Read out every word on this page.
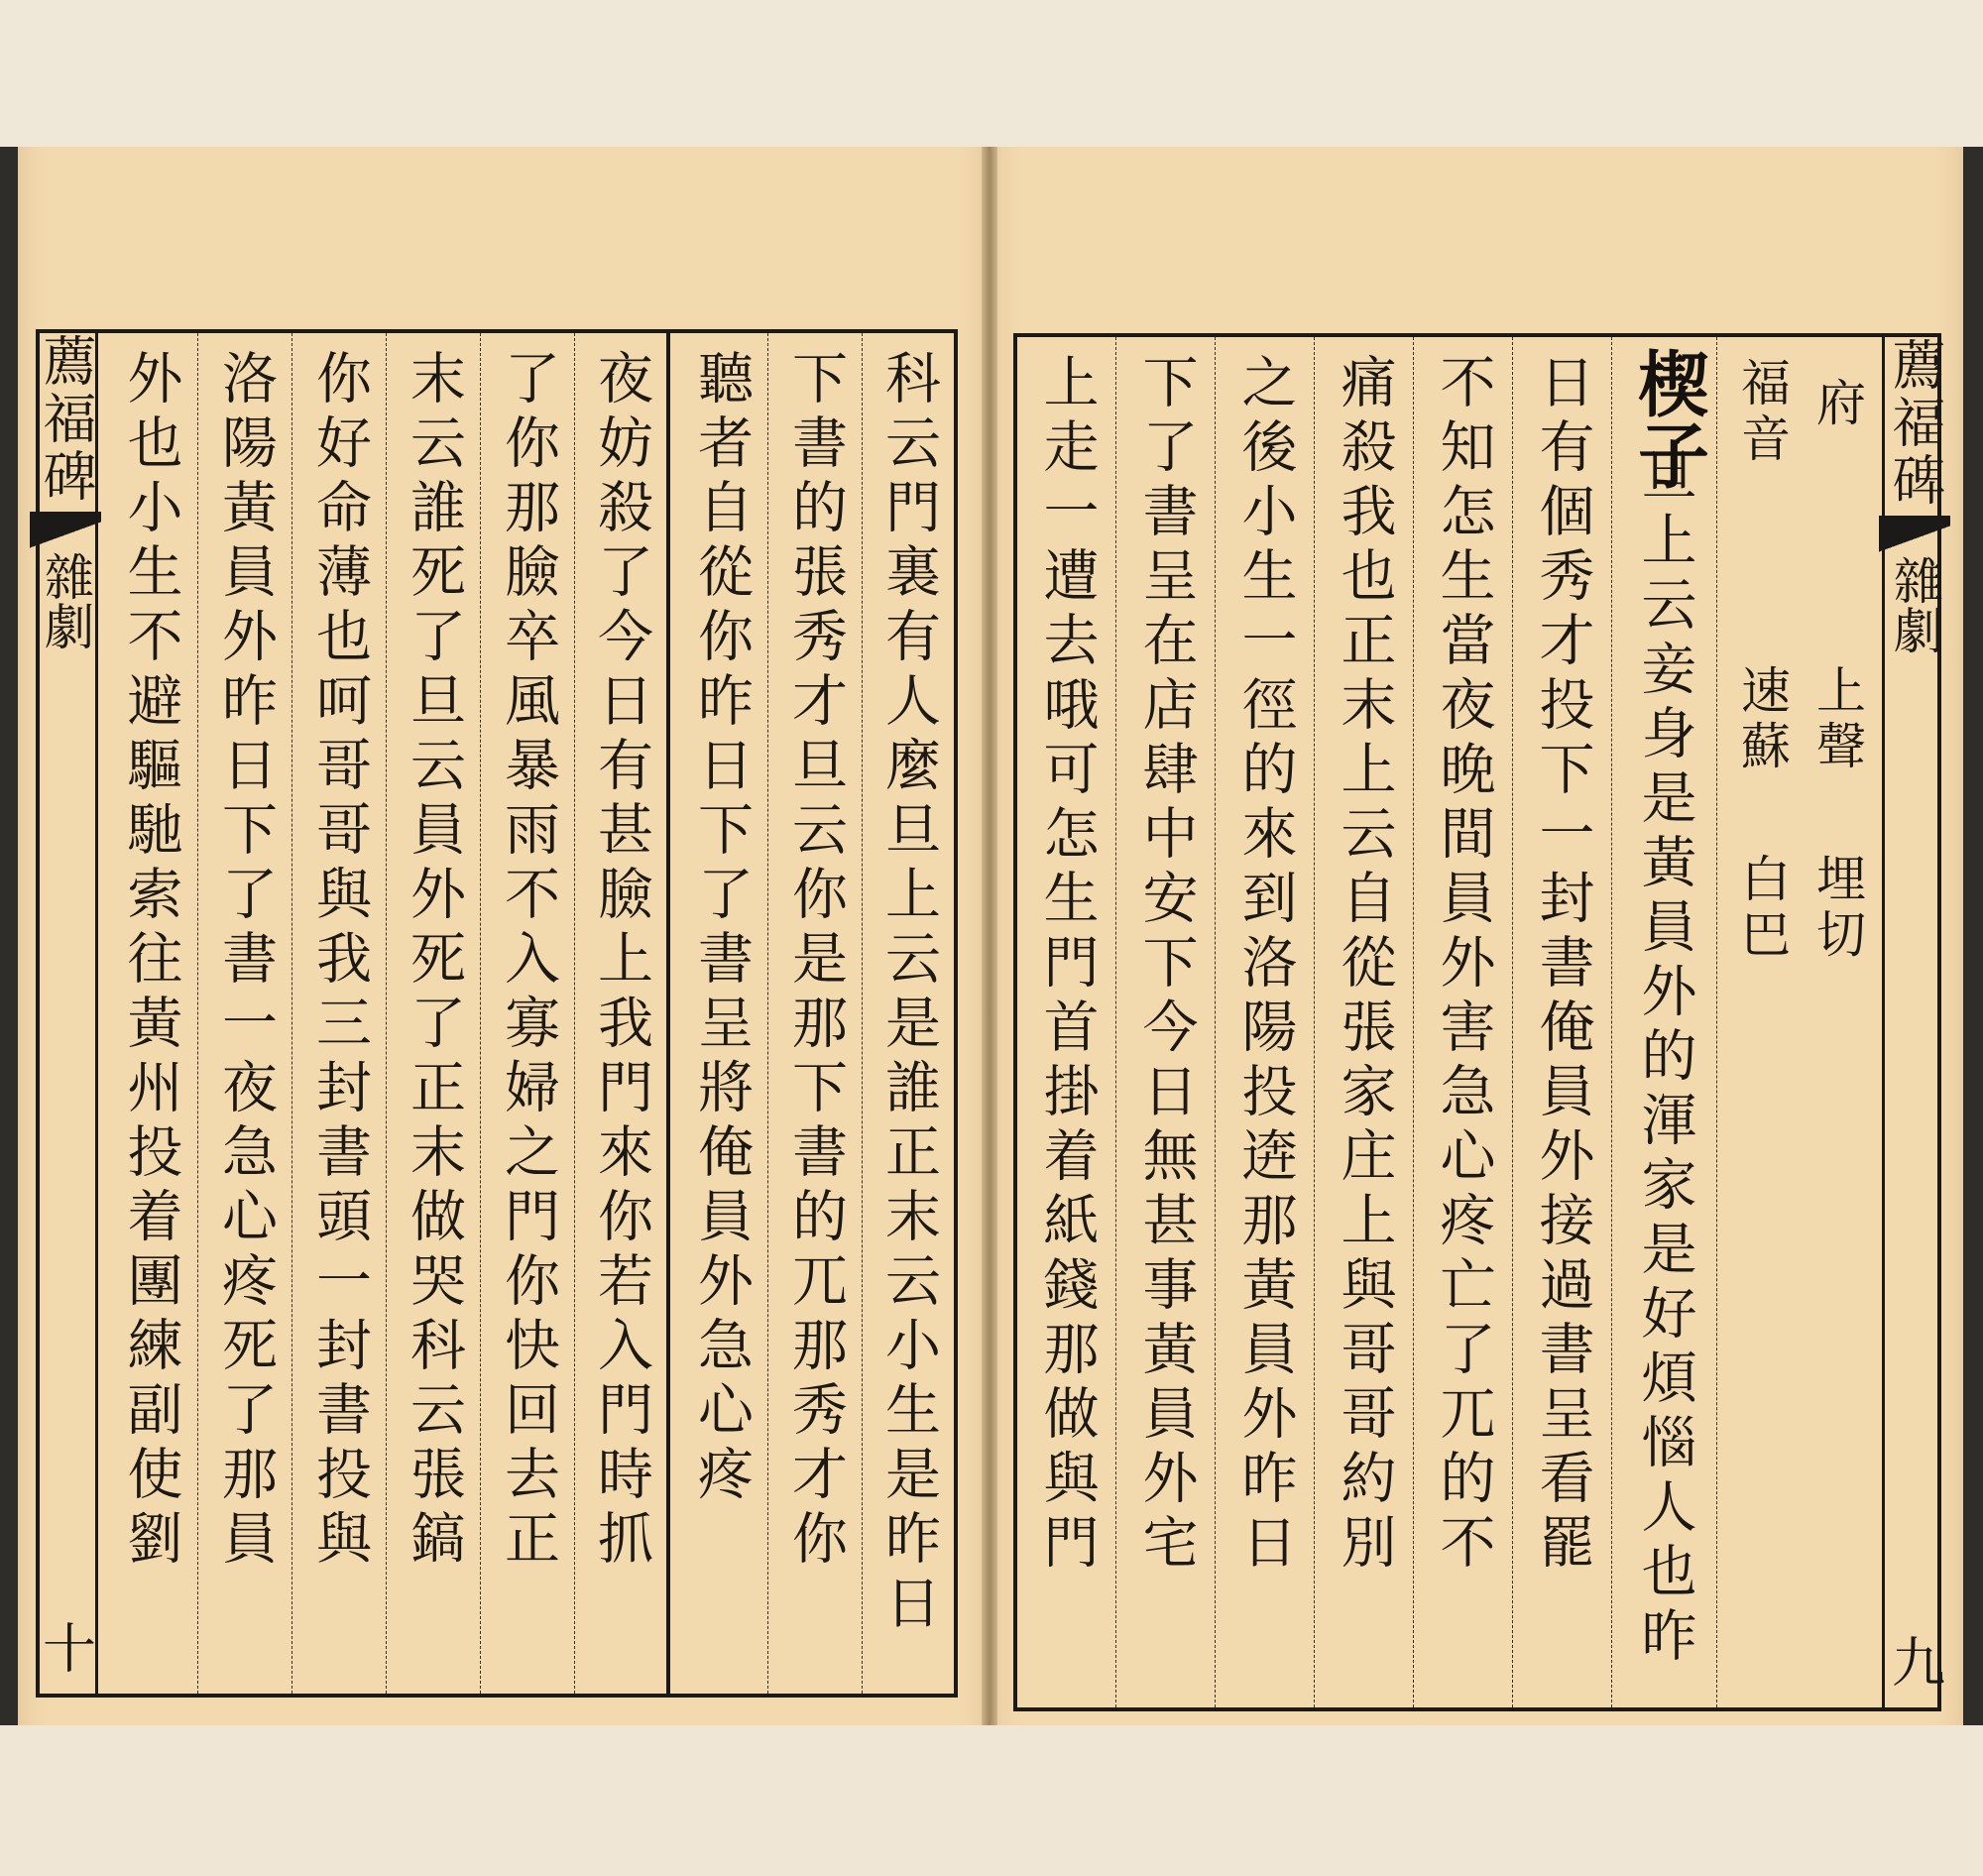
薦福碑
雜劇
十
外也小生不避驅馳索往黃州投着團練副使劉 洛陽黃員外昨日下了書一夜急心疼死了那員 你好命薄也呵哥哥與我三封書頭一封書投與 末云誰死了旦云員外死了正末做哭科云張鎬 了你那臉卒風暴雨不入寡婦之門你快回去正 夜妨殺了今日有甚臉上我門來你若入門時抓 聽者自從你昨日下了書呈將俺員外急心疼 下書的張秀才旦云你是那下書的兀那秀才你 科云門裏有人麼旦上云是誰正末云小生是昨日 上走一遭去哦可怎生門首掛着紙錢那做與門 下了書呈在店肆中安下今日無甚事黃員外宅 之後小生一徑的來到洛陽投逩那黃員外昨日 痛殺我也正末上云自從張家庄上與哥哥約別 不知怎生當夜晚間員外害急心疼亡了兀的不 日有個秀才投下一封書俺員外接過書呈看罷 旦上云妾身是黃員外的渾家是好煩惱人也昨
楔子 福音
速蘇
白巴
府
上聲
埋切
薦福碑
雜劇
九
